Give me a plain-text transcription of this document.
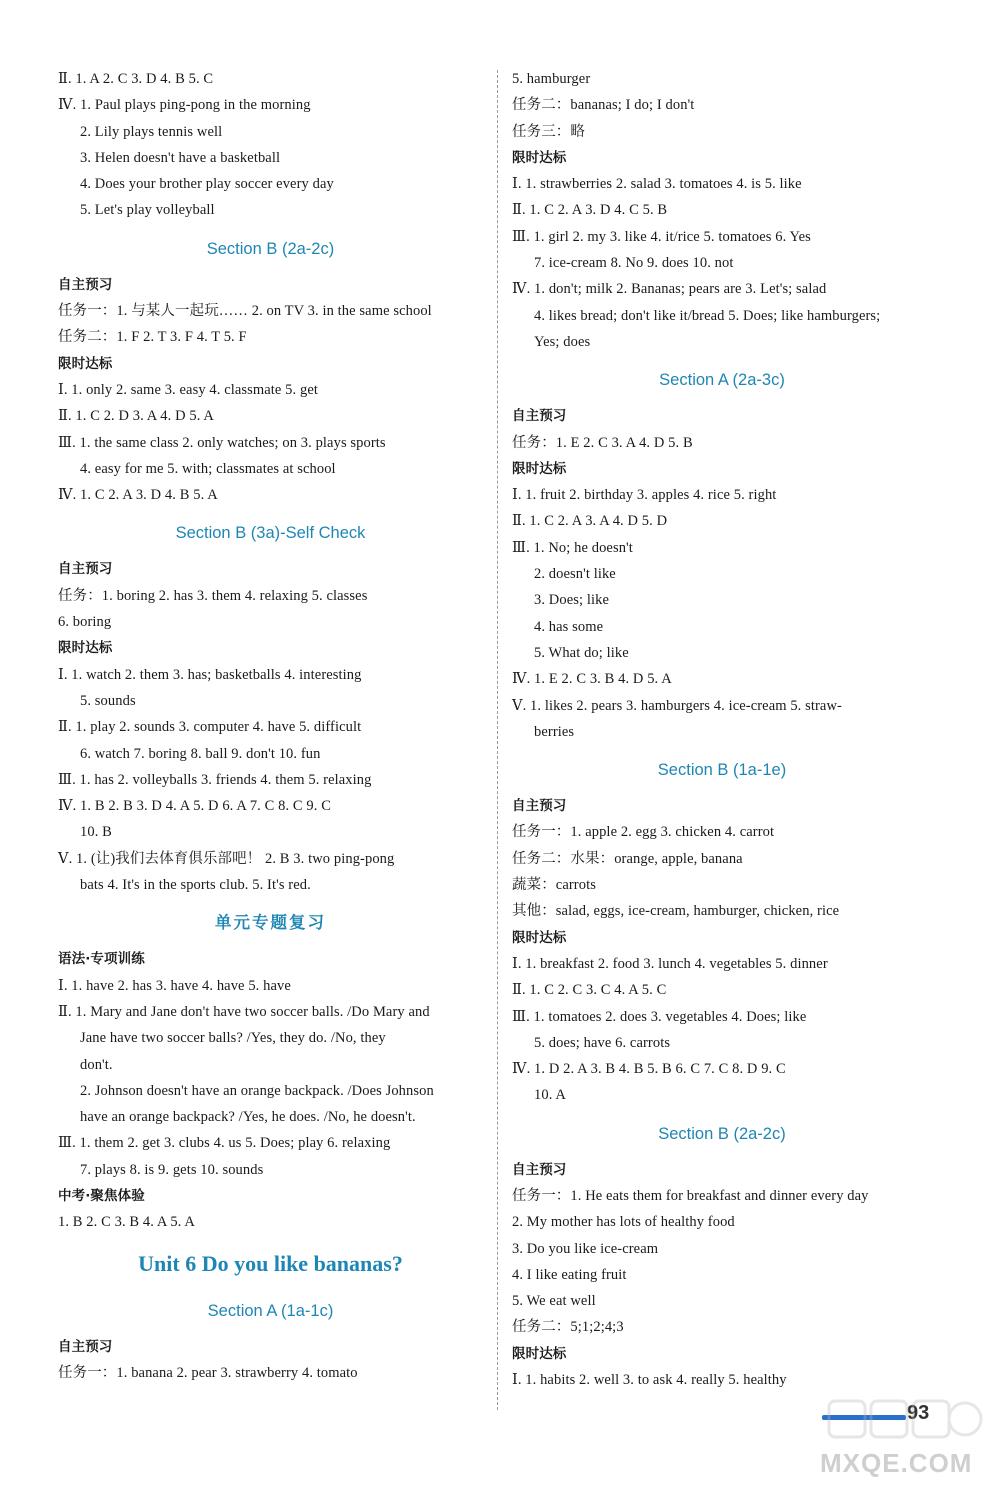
Ⅱ. 1. A 2. C 3. D 4. B 5. C
Ⅳ. 1. Paul plays ping-pong in the morning
2. Lily plays tennis well
3. Helen doesn't have a basketball
4. Does your brother play soccer every day
5. Let's play volleyball
Section B (2a-2c)
自主预习
任务一：1. 与某人一起玩…… 2. on TV 3. in the same school
任务二：1. F 2. T 3. F 4. T 5. F
限时达标
Ⅰ. 1. only 2. same 3. easy 4. classmate 5. get
Ⅱ. 1. C 2. D 3. A 4. D 5. A
Ⅲ. 1. the same class 2. only watches; on 3. plays sports
4. easy for me 5. with; classmates at school
Ⅳ. 1. C 2. A 3. D 4. B 5. A
Section B (3a)-Self Check
自主预习
任务：1. boring 2. has 3. them 4. relaxing 5. classes
6. boring
限时达标
Ⅰ. 1. watch 2. them 3. has; basketballs 4. interesting
5. sounds
Ⅱ. 1. play 2. sounds 3. computer 4. have 5. difficult
6. watch 7. boring 8. ball 9. don't 10. fun
Ⅲ. 1. has 2. volleyballs 3. friends 4. them 5. relaxing
Ⅳ. 1. B 2. B 3. D 4. A 5. D 6. A 7. C 8. C 9. C
10. B
Ⅴ. 1. (让)我们去体育俱乐部吧！ 2. B 3. two ping-pong
bats 4. It's in the sports club. 5. It's red.
单元专题复习
语法·专项训练
Ⅰ. 1. have 2. has 3. have 4. have 5. have
Ⅱ. 1. Mary and Jane don't have two soccer balls. /Do Mary and
Jane have two soccer balls? /Yes, they do. /No, they
don't.
2. Johnson doesn't have an orange backpack. /Does Johnson
have an orange backpack? /Yes, he does. /No, he doesn't.
Ⅲ. 1. them 2. get 3. clubs 4. us 5. Does; play 6. relaxing
7. plays 8. is 9. gets 10. sounds
中考·聚焦体验
1. B 2. C 3. B 4. A 5. A
Unit 6 Do you like bananas?
Section A (1a-1c)
自主预习
任务一：1. banana 2. pear 3. strawberry 4. tomato
5. hamburger
任务二：bananas; I do; I don't
任务三：略
限时达标
Ⅰ. 1. strawberries 2. salad 3. tomatoes 4. is 5. like
Ⅱ. 1. C 2. A 3. D 4. C 5. B
Ⅲ. 1. girl 2. my 3. like 4. it/rice 5. tomatoes 6. Yes
7. ice-cream 8. No 9. does 10. not
Ⅳ. 1. don't; milk 2. Bananas; pears are 3. Let's; salad
4. likes bread; don't like it/bread 5. Does; like hamburgers;
Yes; does
Section A (2a-3c)
自主预习
任务：1. E 2. C 3. A 4. D 5. B
限时达标
Ⅰ. 1. fruit 2. birthday 3. apples 4. rice 5. right
Ⅱ. 1. C 2. A 3. A 4. D 5. D
Ⅲ. 1. No; he doesn't
2. doesn't like
3. Does; like
4. has some
5. What do; like
Ⅳ. 1. E 2. C 3. B 4. D 5. A
Ⅴ. 1. likes 2. pears 3. hamburgers 4. ice-cream 5. straw-
berries
Section B (1a-1e)
自主预习
任务一：1. apple 2. egg 3. chicken 4. carrot
任务二：水果：orange, apple, banana
蔬菜：carrots
其他：salad, eggs, ice-cream, hamburger, chicken, rice
限时达标
Ⅰ. 1. breakfast 2. food 3. lunch 4. vegetables 5. dinner
Ⅱ. 1. C 2. C 3. C 4. A 5. C
Ⅲ. 1. tomatoes 2. does 3. vegetables 4. Does; like
5. does; have 6. carrots
Ⅳ. 1. D 2. A 3. B 4. B 5. B 6. C 7. C 8. D 9. C
10. A
Section B (2a-2c)
自主预习
任务一：1. He eats them for breakfast and dinner every day
2. My mother has lots of healthy food
3. Do you like ice-cream
4. I like eating fruit
5. We eat well
任务二：5;1;2;4;3
限时达标
Ⅰ. 1. habits 2. well 3. to ask 4. really 5. healthy
93
MXQE.COM
